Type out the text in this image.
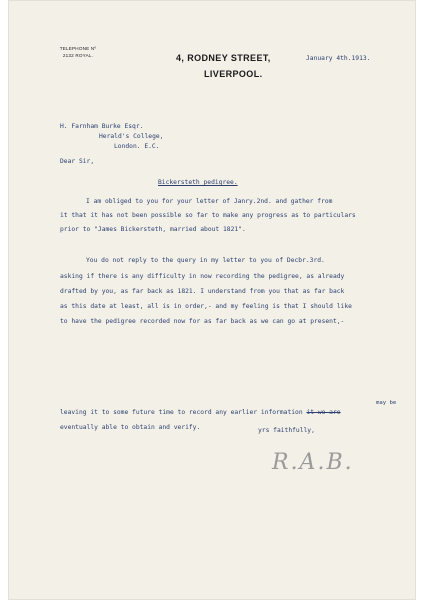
TELEPHONE Nº
2132 ROYAL.	4, RODNEY STREET,
LIVERPOOL.
January 4th.1913.
H. Farnham Burke Esqr.
Herald's College,
London. E.C.
Dear Sir,
Bickersteth pedigree.
I am obliged to you for your letter of Janry.2nd. and gather from
it that it has not been possible so far to make any progress as to particulars
prior to "James Bickersteth, married about 1821".
You do not reply to the query in my letter to you of Decbr.3rd.
asking if there is any difficulty in now recording the pedigree, as already
drafted by you, as far back as 1821. I understand from you that as far back
as this date at least, all is in order,- and my feeling is that I should like
to have the pedigree recorded now for as far back as we can go at present,-
leaving it to some future time to record any earlier information it we are
may be
eventually able to obtain and verify.	yrs faithfully,
R.A.B.
